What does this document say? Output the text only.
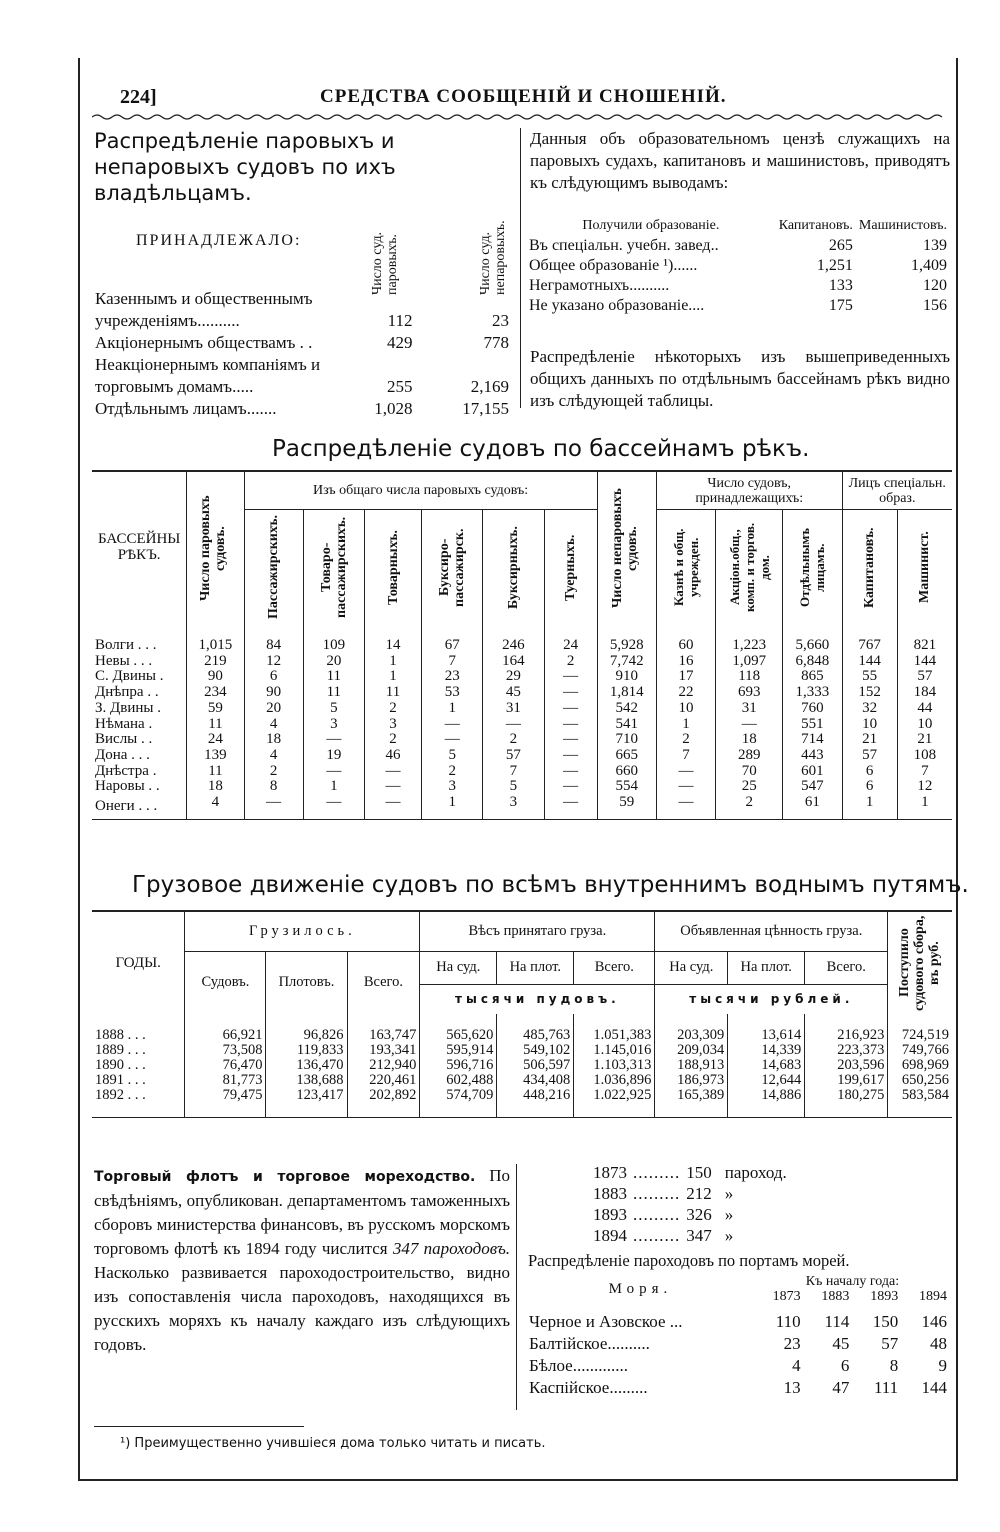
224]	СРЕДСТВА СООБЩЕНІЙ И СНОШЕНІЙ.
Распредѣленіе паровыхъ и непаровыхъ судовъ по ихъ владѣльцамъ.
ПРИНАДЛЕЖАЛО:	Число суд. паровыхъ.	Число суд. непаровыхъ.
Казеннымъ и общественнымъ учрежденіямъ..........	112	23
Акціонернымъ обществамъ . .	429	778
Неакціонернымъ компаніямъ и торговымъ домамъ.....	255	2,169
Отдѣльнымъ лицамъ.......	1,028	17,155
Данныя объ образовательномъ цензѣ служащихъ на паровыхъ судахъ, капитановъ и машинистовъ, приводятъ къ слѣдующимъ выводамъ:
Получили образованіе.	Капитановъ.	Машинистовъ.
Въ спеціальн. учебн. завед..	265	139
Общее образованіе ¹)......	1,251	1,409
Неграмотныхъ..........	133	120
Не указано образованіе....	175	156
Распредѣленіе нѣкоторыхъ изъ вышеприведенныхъ общихъ данныхъ по отдѣльнымъ бассейнамъ рѣкъ видно изъ слѣдующей таблицы.
Распредѣленіе судовъ по бассейнамъ рѣкъ.
БАССЕЙНЫ РѢКЪ.	Число паровыхъ судовъ.	Изъ общаго числа паровыхъ судовъ:						Число непаровыхъ судовъ.	Число судовъ, принадлежащихъ:			Лицъ спеціальн. образ.	

		Пассажирскихъ.	Товаро-пассажирскихъ.	Товарныхъ.	Буксиро-пассажирск.	Буксирныхъ.	Туерныхъ.		Казнѣ и общ. учрежден.	Акціон.общ., комп. и торгов. дом.	Отдѣльнымъ лицамъ.	Капитановъ.	Машинист.

Волги . . .	1,015	84	109	14	67	246	24	5,928	60	1,223	5,660	767	821
Невы . . .	219	12	20	1	7	164	2	7,742	16	1,097	6,848	144	144
С. Двины .	90	6	11	1	23	29	—	910	17	118	865	55	57
Днѣпра . .	234	90	11	11	53	45	—	1,814	22	693	1,333	152	184
З. Двины .	59	20	5	2	1	31	—	542	10	31	760	32	44
Нѣмана .	11	4	3	3	—	—	—	541	1	—	551	10	10
Вислы . .	24	18	—	2	—	2	—	710	2	18	714	21	21
Дона . . .	139	4	19	46	5	57	—	665	7	289	443	57	108
Днѣстра .	11	2	—	—	2	7	—	660	—	70	601	6	7
Наровы . .	18	8	1	—	3	5	—	554	—	25	547	6	12
Онеги . . .	4	—	—	—	1	3	—	59	—	2	61	1	1
Грузовое движеніе судовъ по всѣмъ внутреннимъ воднымъ путямъ.
ГОДЫ.	Грузилось.			Вѣсъ принятаго груза.			Объявленная цѣнность груза.			Поступило судового сбора, въ руб.

	Судовъ.	Плотовъ.	Всего.	На суд.	На плот.	Всего.	На суд.	На плот.	Всего.	
				тысячи пудовъ.			тысячи рублей.			
1888 . . .	66,921	96,826	163,747	565,620	485,763	1.051,383	203,309	13,614	216,923	724,519
1889 . . .	73,508	119,833	193,341	595,914	549,102	1.145,016	209,034	14,339	223,373	749,766
1890 . . .	76,470	136,470	212,940	596,716	506,597	1.103,313	188,913	14,683	203,596	698,969
1891 . . .	81,773	138,688	220,461	602,488	434,408	1.036,896	186,973	12,644	199,617	650,256
1892 . . .	79,475	123,417	202,892	574,709	448,216	1.022,925	165,389	14,886	180,275	583,584
Торговый флотъ и торговое мореходство. По свѣдѣніямъ, опубликован. департаментомъ таможенныхъ сборовъ министерства финансовъ, въ русскомъ морскомъ торговомъ флотѣ къ 1894 году числится 347 пароходовъ. Насколько развивается пароходостроительство, видно изъ сопоставленія числа пароходовъ, находящихся въ русскихъ моряхъ къ началу каждаго изъ слѣдующихъ годовъ.
1873	.........	150	пароход.
1883	.........	212	»
1893	.........	326	»
1894	.........	347	»
Распредѣленіе пароходовъ по портамъ морей.
Моря.	Къ началу года:			
	1873	1883	1893	1894
Черное и Азовское ...	110	114	150	146
Балтійское..........	23	45	57	48
Бѣлое.............	4	6	8	9
Каспійское.........	13	47	111	144
¹) Преимущественно учившіеся дома только читать и писать.
